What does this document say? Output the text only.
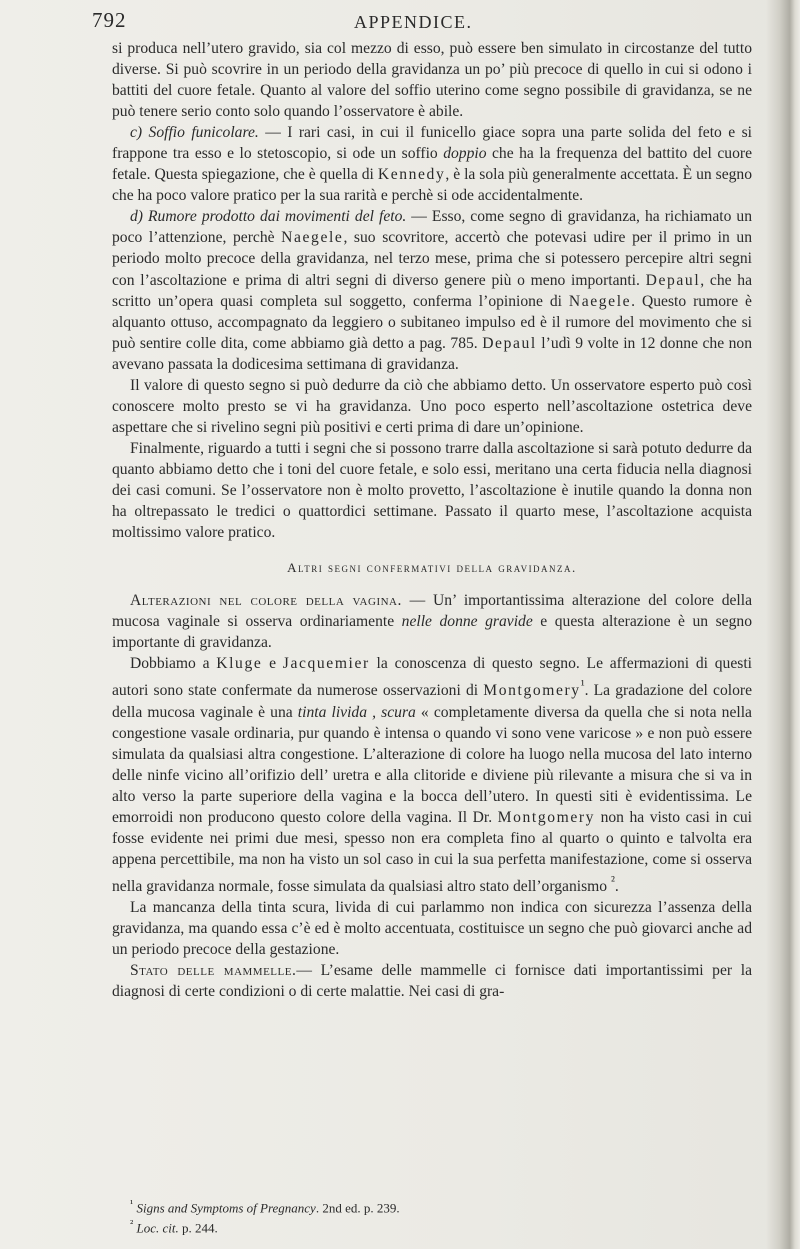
792	APPENDICE.

si produca nell’utero gravido, sia col mezzo di esso, può essere ben simulato in circostanze del tutto diverse. Si può scovrire in un periodo della gravidanza un po’ più precoce di quello in cui si odono i battiti del cuore fetale. Quanto al valore del soffio uterino come segno possibile di gravidanza, se ne può tenere serio conto solo quando l’osservatore è abile.

c) Soffio funicolare. — I rari casi, in cui il funicello giace sopra una parte solida del feto e si frappone tra esso e lo stetoscopio, si ode un soffio doppio che ha la frequenza del battito del cuore fetale. Questa spiegazione, che è quella di Kennedy, è la sola più generalmente accettata. È un segno che ha poco valore pratico per la sua rarità e perchè si ode accidentalmente.

d) Rumore prodotto dai movimenti del feto. — Esso, come segno di gravidanza, ha richiamato un poco l’attenzione, perchè Naegele, suo scovritore, accertò che potevasi udire per il primo in un periodo molto precoce della gravidanza, nel terzo mese, prima che si potessero percepire altri segni con l’ascoltazione e prima di altri segni di diverso genere più o meno importanti. Depaul, che ha scritto un’opera quasi completa sul soggetto, conferma l’opinione di Naegele. Questo rumore è alquanto ottuso, accompagnato da leggiero o subitaneo impulso ed è il rumore del movimento che si può sentire colle dita, come abbiamo già detto a pag. 785. Depaul l’udì 9 volte in 12 donne che non avevano passata la dodicesima settimana di gravidanza.

Il valore di questo segno si può dedurre da ciò che abbiamo detto. Un osservatore esperto può così conoscere molto presto se vi ha gravidanza. Uno poco esperto nell’ascoltazione ostetrica deve aspettare che si rivelino segni più positivi e certi prima di dare un’opinione.

Finalmente, riguardo a tutti i segni che si possono trarre dalla ascoltazione si sarà potuto dedurre da quanto abbiamo detto che i toni del cuore fetale, e solo essi, meritano una certa fiducia nella diagnosi dei casi comuni. Se l’osservatore non è molto provetto, l’ascoltazione è inutile quando la donna non ha oltrepassato le tredici o quattordici settimane. Passato il quarto mese, l’ascoltazione acquista moltissimo valore pratico.

Altri segni confermativi della gravidanza.

Alterazioni nel colore della vagina. — Un’ importantissima alterazione del colore della mucosa vaginale si osserva ordinariamente nelle donne gravide e questa alterazione è un segno importante di gravidanza.

Dobbiamo a Kluge e Jacquemier la conoscenza di questo segno. Le affermazioni di questi autori sono state confermate da numerose osservazioni di Montgomery$^{^1}$. La gradazione del colore della mucosa vaginale è una tinta livida , scura « completamente diversa da quella che si nota nella congestione vasale ordinaria, pur quando è intensa o quando vi sono vene varicose » e non può essere simulata da qualsiasi altra congestione. L’alterazione di colore ha luogo nella mucosa del lato interno delle ninfe vicino all’orifizio dell’ uretra e alla clitoride e diviene più rilevante a misura che si va in alto verso la parte superiore della vagina e la bocca dell’utero. In questi siti è evidentissima. Le emorroidi non producono questo colore della vagina. Il Dr. Montgomery non ha visto casi in cui fosse evidente nei primi due mesi, spesso non era completa fino al quarto o quinto e talvolta era appena percettibile, ma non ha visto un sol caso in cui la sua perfetta manifestazione, come si osserva nella gravidanza normale, fosse simulata da qualsiasi altro stato dell’organismo $^{^2}$.

La mancanza della tinta scura, livida di cui parlammo non indica con sicurezza l’assenza della gravidanza, ma quando essa c’è ed è molto accentuata, costituisce un segno che può giovarci anche ad un periodo precoce della gestazione.

Stato delle mammelle.— L’esame delle mammelle ci fornisce dati importantissimi per la diagnosi di certe condizioni o di certe malattie. Nei casi di gra-

$^{^1}$ Signs and Symptoms of Pregnancy. 2nd ed. p. 239.
$^{^2}$ Loc. cit. p. 244.
